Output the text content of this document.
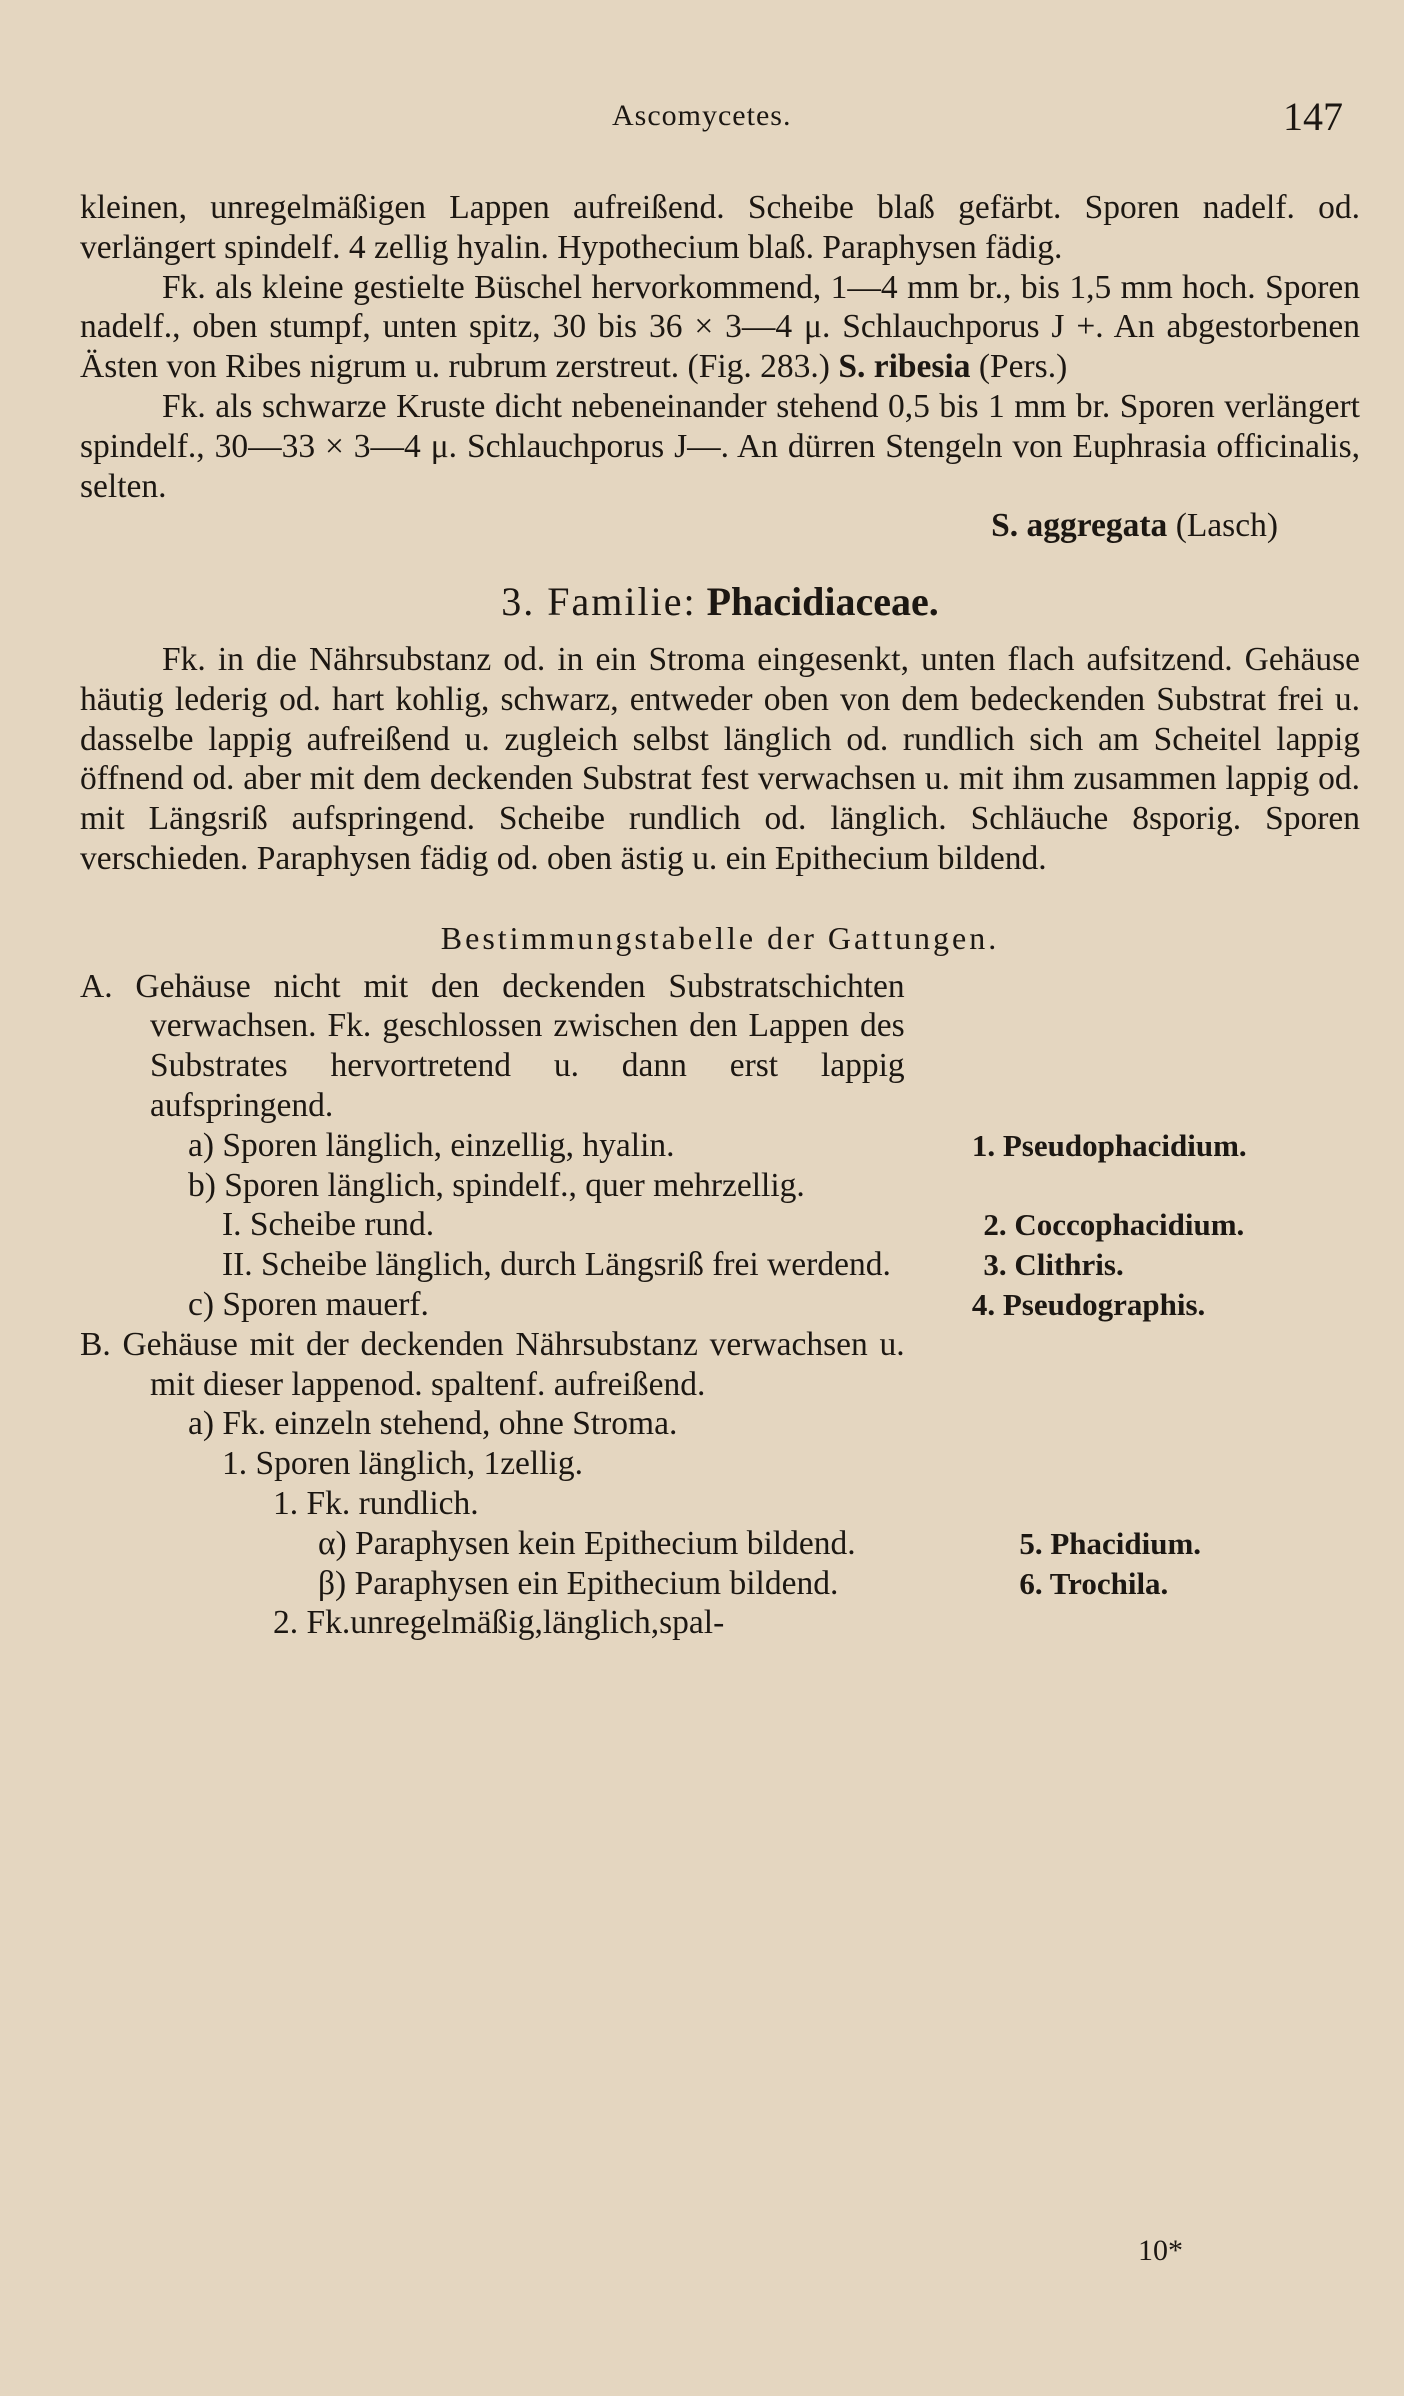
Ascomycetes.	147

kleinen, unregelmäßigen Lappen aufreißend. Scheibe blaß gefärbt. Sporen nadelf. od. verlängert spindelf. 4 zellig hyalin. Hypothecium blaß. Paraphysen fädig.

Fk. als kleine gestielte Büschel hervorkommend, 1—4 mm br., bis 1,5 mm hoch. Sporen nadelf., oben stumpf, unten spitz, 30 bis 36 × 3—4 μ. Schlauchporus J +. An abgestorbenen Ästen von Ribes nigrum u. rubrum zerstreut. (Fig. 283.) S. ribesia (Pers.)

Fk. als schwarze Kruste dicht nebeneinander stehend 0,5 bis 1 mm br. Sporen verlängert spindelf., 30—33 × 3—4 μ. Schlauchporus J—. An dürren Stengeln von Euphrasia officinalis, selten.

S. aggregata (Lasch)

3. Familie: Phacidiaceae.

Fk. in die Nährsubstanz od. in ein Stroma eingesenkt, unten flach aufsitzend. Gehäuse häutig lederig od. hart kohlig, schwarz, entweder oben von dem bedeckenden Substrat frei u. dasselbe lappig aufreißend u. zugleich selbst länglich od. rundlich sich am Scheitel lappig öffnend od. aber mit dem deckenden Substrat fest verwachsen u. mit ihm zusammen lappig od. mit Längsriß aufspringend. Scheibe rundlich od. länglich. Schläuche 8sporig. Sporen verschieden. Paraphysen fädig od. oben ästig u. ein Epithecium bildend.

Bestimmungstabelle der Gattungen.
A. Gehäuse nicht mit den deckenden Substratschichten verwachsen. Fk. geschlossen zwischen den Lappen des Substrates hervortretend u. dann erst lappig aufspringend.
a) Sporen länglich, einzellig, hyalin.	1. Pseudophacidium.
b) Sporen länglich, spindelf., quer mehrzellig.
I. Scheibe rund.	2. Coccophacidium.
II. Scheibe länglich, durch Längsriß frei werdend.	3. Clithris.
c) Sporen mauerf.	4. Pseudographis.
B. Gehäuse mit der deckenden Nährsubstanz verwachsen u. mit dieser lappenod. spaltenf. aufreißend.
a) Fk. einzeln stehend, ohne Stroma.
1. Sporen länglich, 1zellig.
1. Fk. rundlich.
α) Paraphysen kein Epithecium bildend.	5. Phacidium.
β) Paraphysen ein Epithecium bildend.	6. Trochila.
2. Fk.unregelmäßig,länglich,spal-
10*
